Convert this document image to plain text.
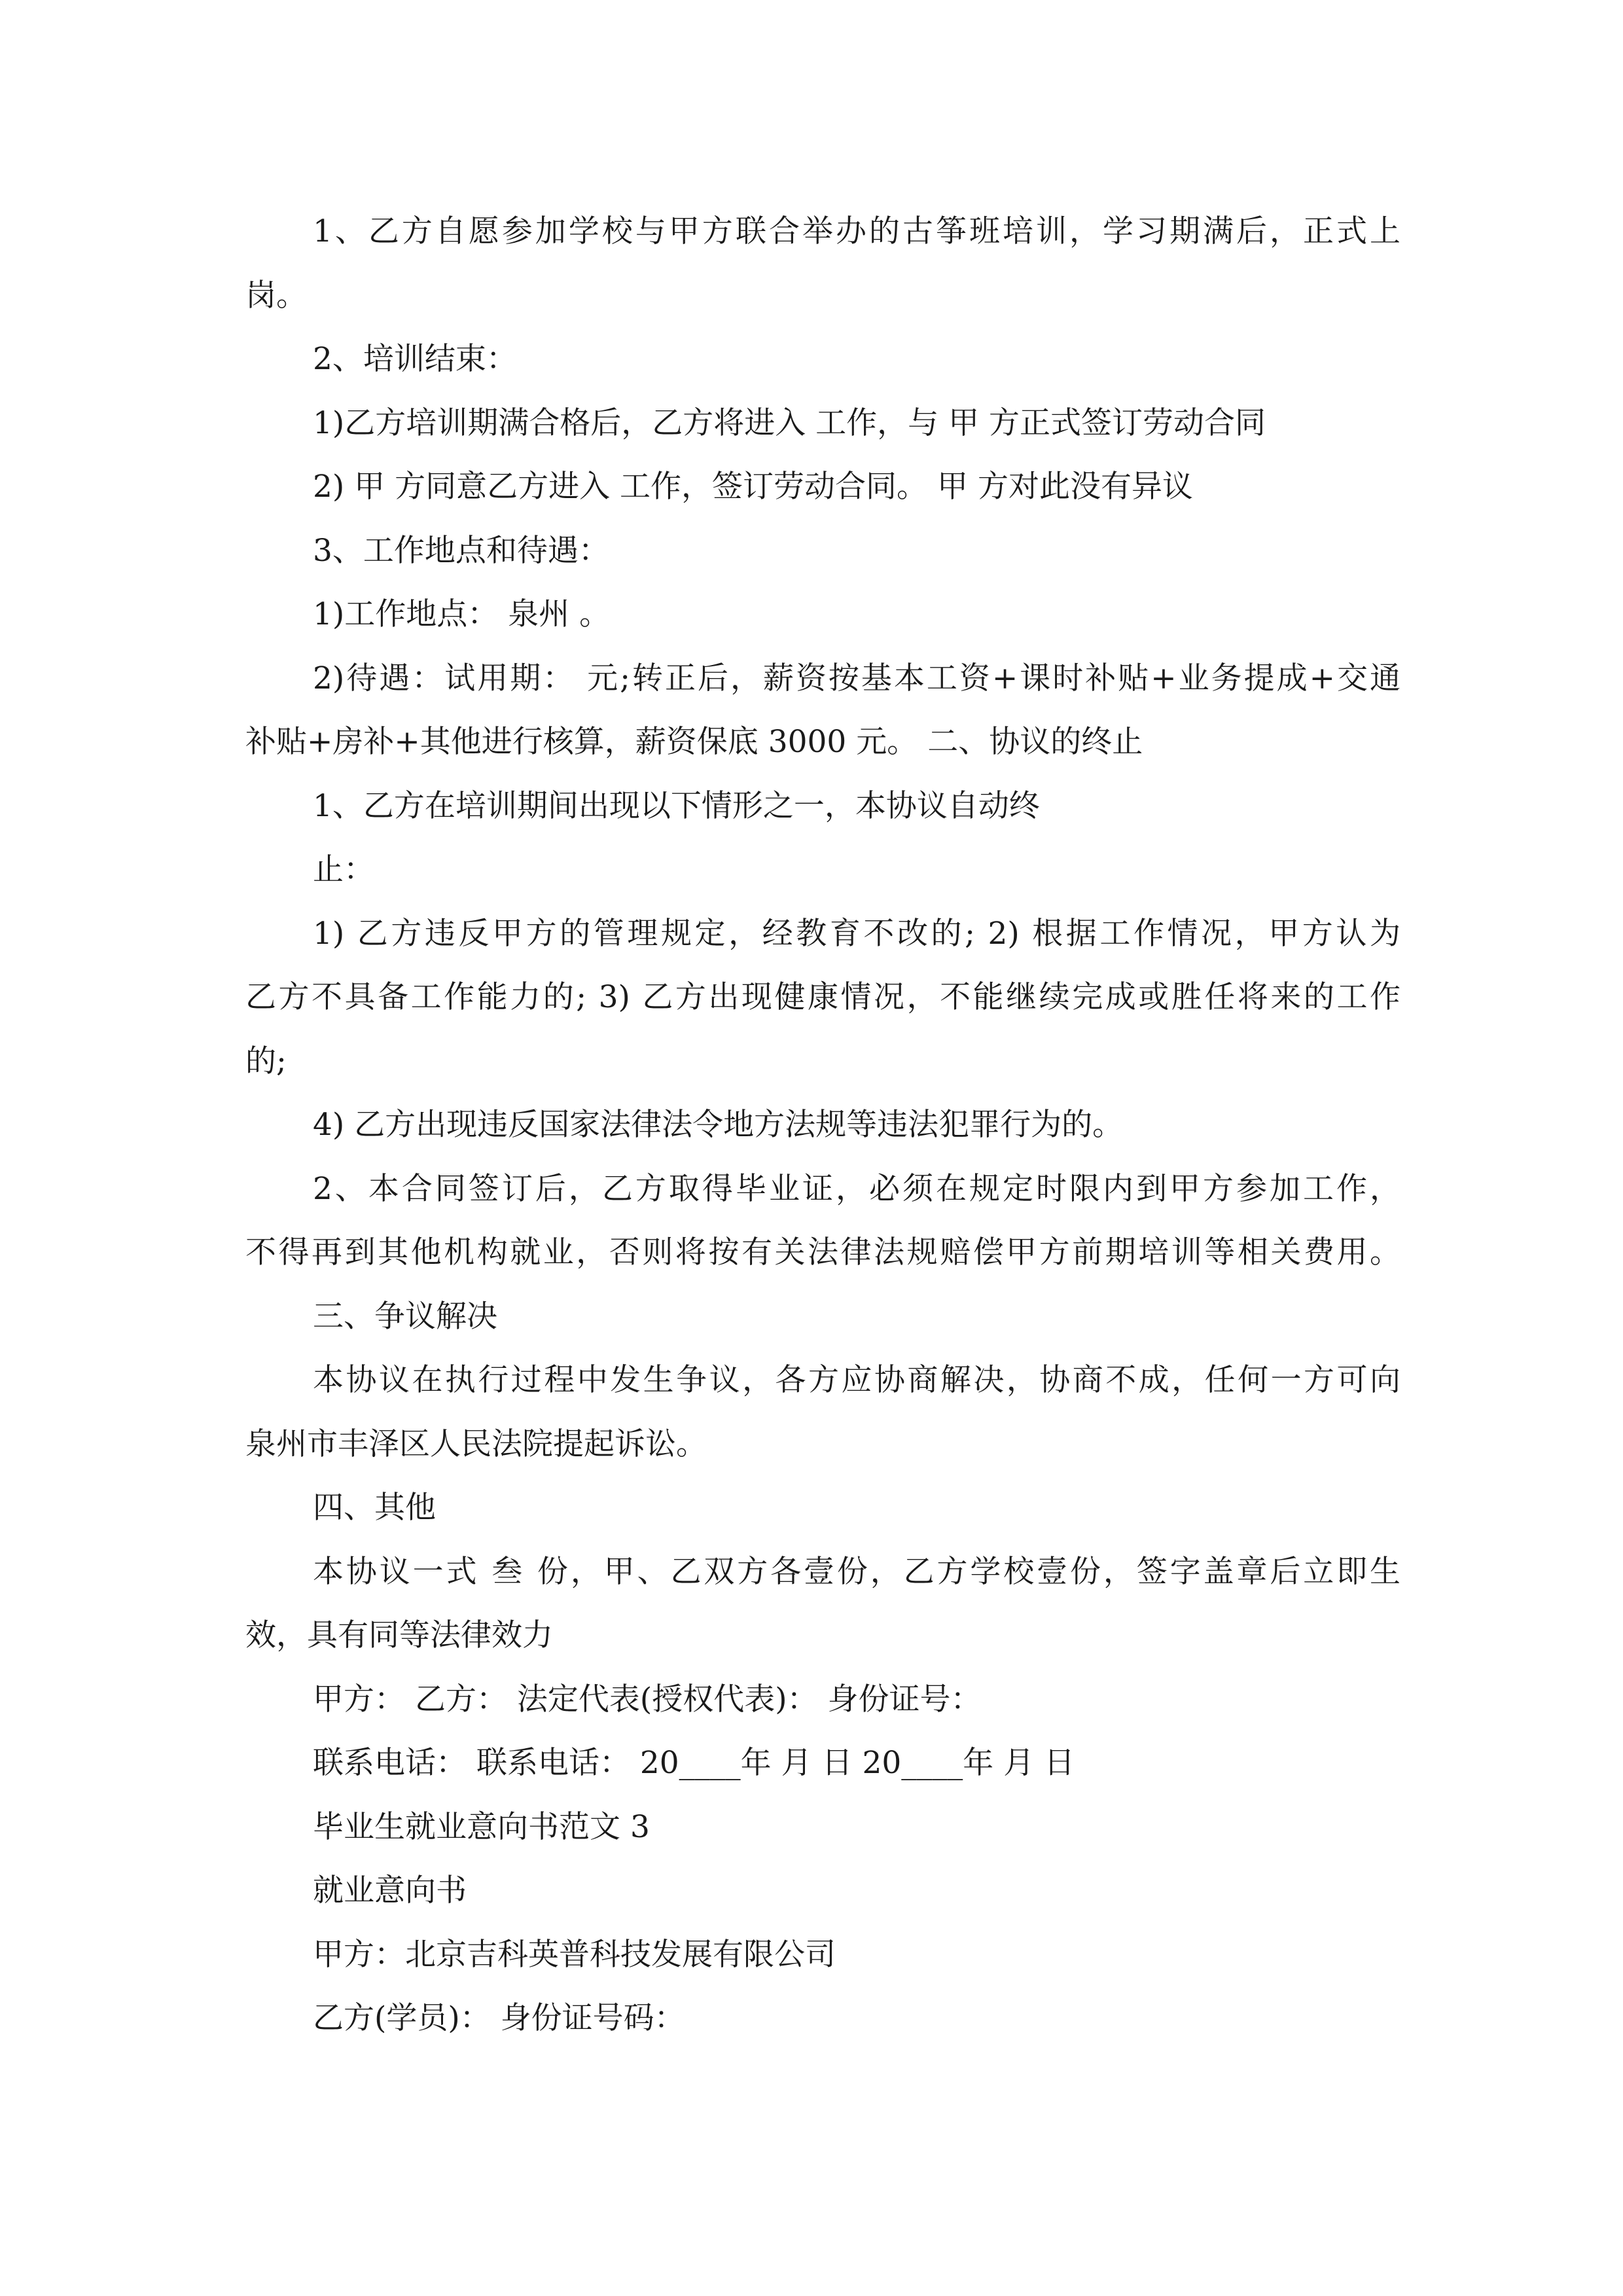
1、乙方自愿参加学校与甲方联合举办的古筝班培训，学习期满后，正式上
岗。
2、培训结束：
1)乙方培训期满合格后，乙方将进入 工作，与 甲 方正式签订劳动合同
2) 甲 方同意乙方进入 工作，签订劳动合同。 甲 方对此没有异议
3、工作地点和待遇：
1)工作地点： 泉州 。
2)待遇：试用期： 元;转正后，薪资按基本工资+课时补贴+业务提成+交通
补贴+房补+其他进行核算，薪资保底 3000 元。 二、协议的终止
1、乙方在培训期间出现以下情形之一，本协议自动终
止：
1) 乙方违反甲方的管理规定，经教育不改的; 2) 根据工作情况，甲方认为
乙方不具备工作能力的; 3) 乙方出现健康情况，不能继续完成或胜任将来的工作
的;
4) 乙方出现违反国家法律法令地方法规等违法犯罪行为的。
2、本合同签订后，乙方取得毕业证，必须在规定时限内到甲方参加工作，
不得再到其他机构就业，否则将按有关法律法规赔偿甲方前期培训等相关费用。
三、争议解决
本协议在执行过程中发生争议，各方应协商解决，协商不成，任何一方可向
泉州市丰泽区人民法院提起诉讼。
四、其他
本协议一式 叁 份，甲、乙双方各壹份，乙方学校壹份，签字盖章后立即生
效，具有同等法律效力
甲方： 乙方： 法定代表(授权代表)： 身份证号：
联系电话： 联系电话： 20____年 月 日 20____年 月 日
毕业生就业意向书范文 3
就业意向书
甲方：北京吉科英普科技发展有限公司
乙方(学员)： 身份证号码：
